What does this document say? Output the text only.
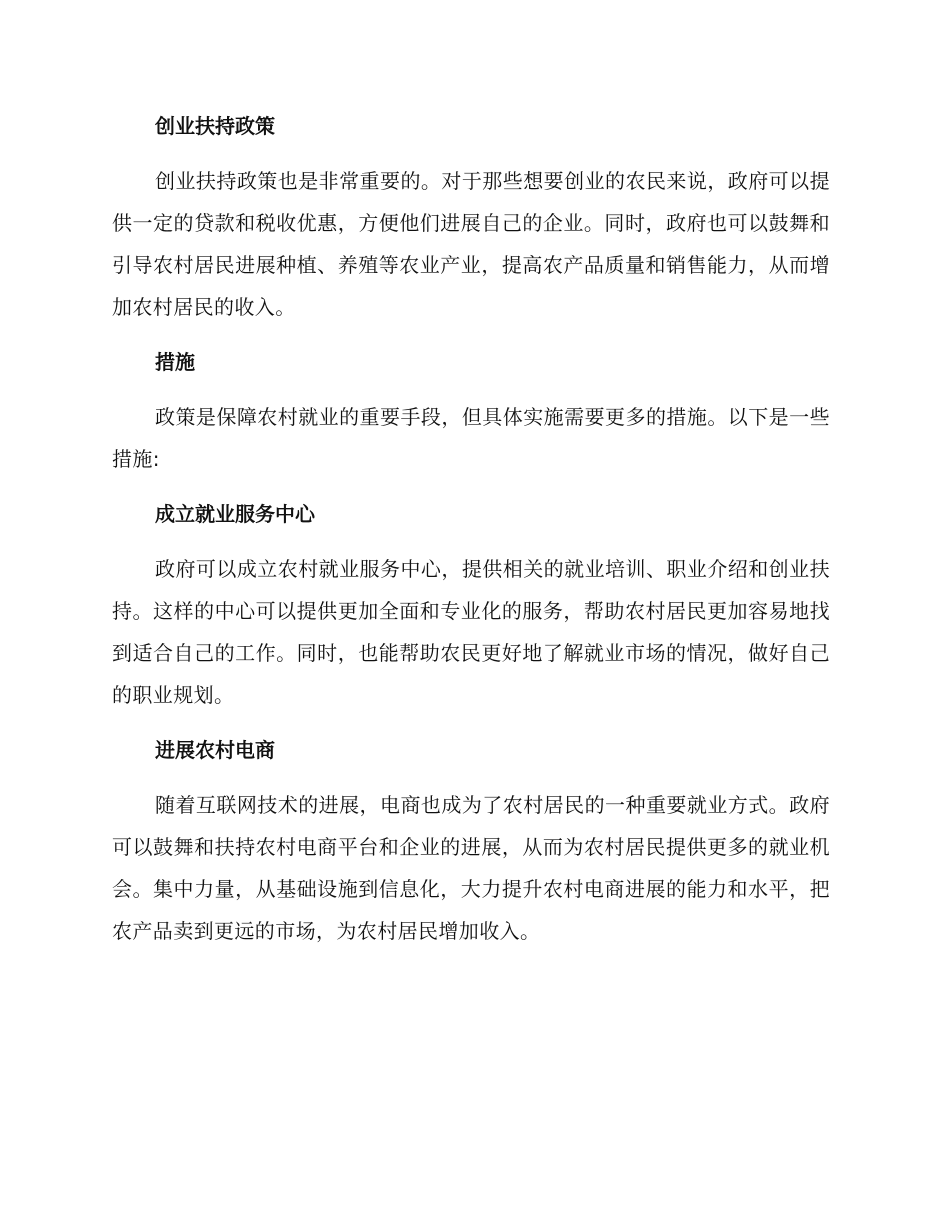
创业扶持政策

创业扶持政策也是非常重要的。对于那些想要创业的农民来说，政府可以提供一定的贷款和税收优惠，方便他们进展自己的企业。同时，政府也可以鼓舞和引导农村居民进展种植、养殖等农业产业，提高农产品质量和销售能力，从而增加农村居民的收入。

措施

政策是保障农村就业的重要手段，但具体实施需要更多的措施。以下是一些措施:

成立就业服务中心

政府可以成立农村就业服务中心，提供相关的就业培训、职业介绍和创业扶持。这样的中心可以提供更加全面和专业化的服务，帮助农村居民更加容易地找到适合自己的工作。同时，也能帮助农民更好地了解就业市场的情况，做好自己的职业规划。

进展农村电商

随着互联网技术的进展，电商也成为了农村居民的一种重要就业方式。政府可以鼓舞和扶持农村电商平台和企业的进展，从而为农村居民提供更多的就业机会。集中力量，从基础设施到信息化，大力提升农村电商进展的能力和水平，把农产品卖到更远的市场，为农村居民增加收入。
